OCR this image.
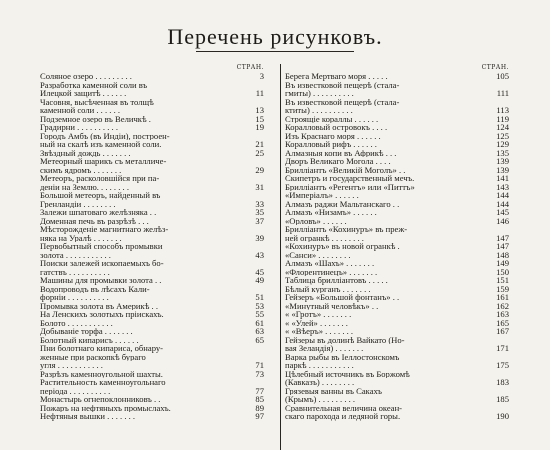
Перечень рисунковъ.
СТРАН.
Соляное озеро . . . . . . . . .	3
Разработка каменной соли въ
Илецкой защитѣ . . . . . .	11
Часовня, высѣченная въ толщѣ
каменной соли . . . . . .	13
Подземное озеро въ Величкѣ .	15
Градирни . . . . . . . . . .	19
Городъ Амбъ (въ Индіи), построен-
ный на скалѣ изъ каменной соли.	21
Звѣздный дождь . . . . . . .	25
Метеорный шарикъ съ металличе-
скимъ ядромъ . . . . . . .	29
Метеоръ, расколовшійся при па-
деніи на Землю. . . . . . . .	31
Большой метеоръ, найденный въ
Гренландіи . . . . . . . .	33
Залежи шпатоваго желѣзняка . .	35
Доменная печь въ разрѣзѣ . . .	37
Мѣсторожденіе магнитнаго желѣз-
няка на Уралѣ . . . . . . .	39
Первобытный способъ промывки
золота . . . . . . . . . . .	43
Поиски залежей ископаемыхъ бо-
гатствъ . . . . . . . . . .	45
Машины для промывки золота . .	49
Водопроводъ въ лѣсахъ Кали-
форніи . . . . . . . . . .	51
Промывка золота въ Америкѣ . .	53
На Ленскихъ золотыхъ пріискахъ.	55
Болото . . . . . . . . . . .	61
Добываніе торфа . . . . . . .	63
Болотный кипарисъ . . . . . .	65
Пни болотнаго кипариса, обнару-
женные при раскопкѣ бураго
угля . . . . . . . . . . .	71
Разрѣзъ каменноугольной шахты.	73
Растительность каменноугольнаго
періода . . . . . . . . . .	77
Монастырь огнепоклонниковъ . .	85
Пожаръ на нефтяныхъ промыслахъ.	89
Нефтяныя вышки . . . . . . .	97
СТРАН.
Берега Мертваго моря . . . . .	105
Въ известковой пещерѣ (стала-
гмиты) . . . . . . . . . .	111
Въ известковой пещерѣ (стала-
ктиты) . . . . . . . . . .	113
Строящіе кораллы . . . . . .	119
Коралловый островокъ . . . .	124
Изъ Краснаго моря . . . . . .	125
Коралловый рифъ . . . . . .	129
Алмазныя копи въ Африкѣ . . .	135
Дворъ Великаго Могола . . . .	139
Брилліантъ «Великій Моголъ» . .	139
Скипетръ и государственный мечъ.	141
Брилліантъ «Регентъ» или «Питтъ»	143
«Имперіалъ» . . . . . .	144
Алмазъ раджи Мальтанскаго . .	144
Алмазъ «Низамъ» . . . . . .	145
«Орловъ» . . . . . .	146
Брилліантъ «Кохинуръ» въ преж-
ней огранкѣ . . . . . . . .	147
«Кохинуръ» въ новой огранкѣ .	147
«Санси» . . . . . . . .	148
Алмазъ «Шахъ» . . . . . . .	149
«Флорентинецъ» . . . . . . .	150
Таблица брилліантовъ . . . . .	151
Бѣлый курганъ . . . . . . .	159
Гейзеръ «Большой фонтанъ» . .	161
«Минутный человѣкъ» . .	162
« «Гротъ» . . . . . . .	163
« «Улей» . . . . . . .	165
« «Вѣеръ» . . . . . . .	167
Гейзеры въ долинѣ Вайкато (Но-
вая Зеландія) . . . . . . .	171
Варка рыбы въ Іеллостонскомъ
паркѣ . . . . . . . . . . .	175
Цѣлебный источникъ въ Боржомѣ
(Кавказъ) . . . . . . . .	183
Грязевыя ванны въ Сакахъ
(Крымъ) . . . . . . . . .	185
Сравнительная величина океан-
скаго парохода и ледяной горы.	190
